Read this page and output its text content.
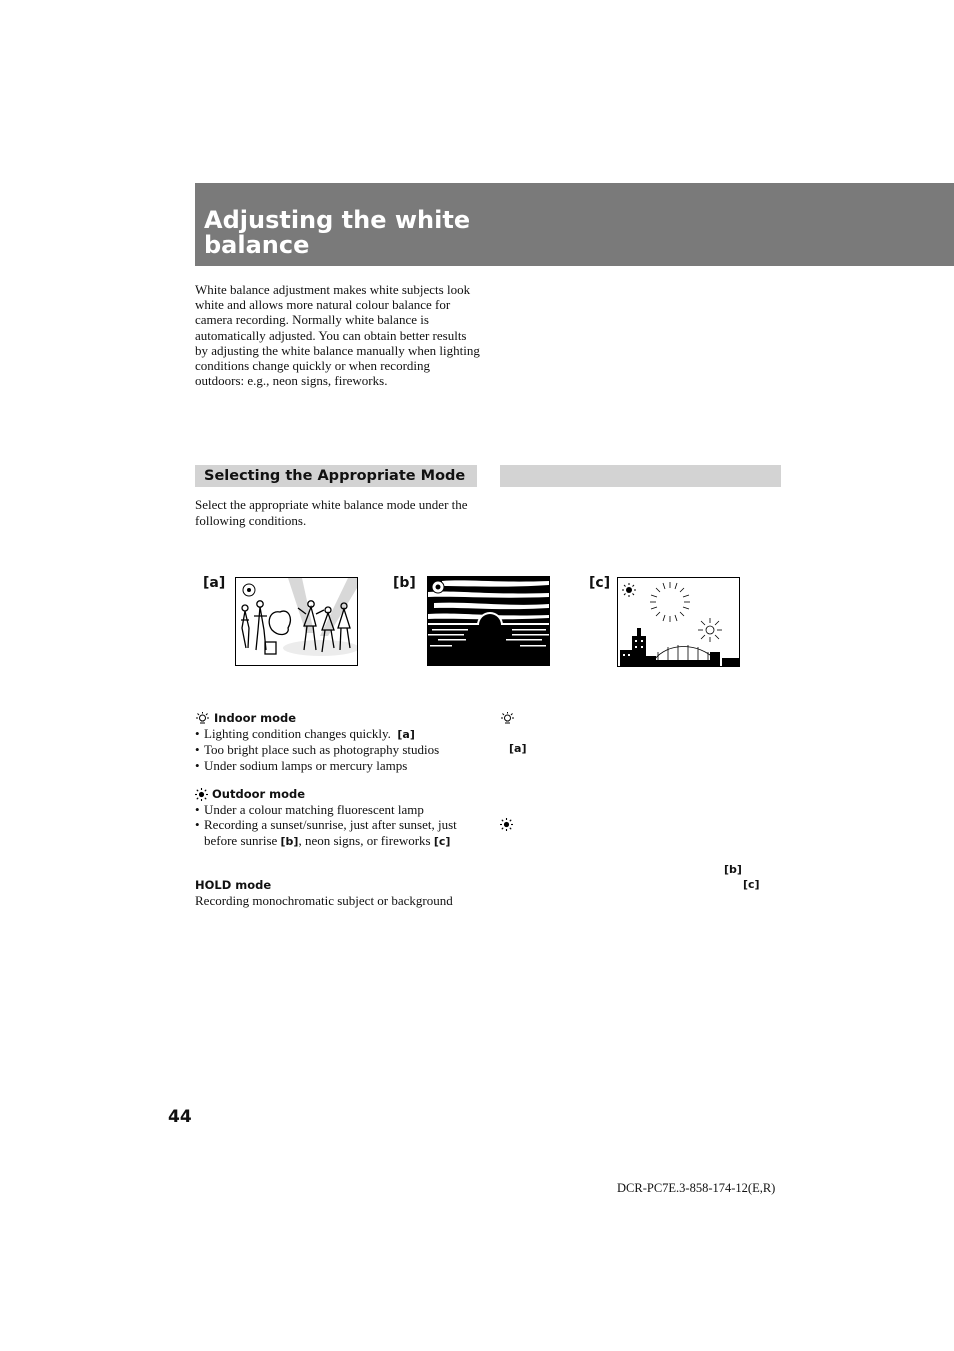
Adjusting the white balance

White balance adjustment makes white subjects look white and allows more natural colour balance for camera recording. Normally white balance is automatically adjusted. You can obtain better results by adjusting the white balance manually when lighting conditions change quickly or when recording outdoors: e.g., neon signs, fireworks.

Selecting the Appropriate Mode

Select the appropriate white balance mode under the following conditions.

[a]	[b]	[c]
Indoor mode
• Lighting condition changes quickly. [a]
• Too bright place such as photography studios
• Under sodium lamps or mercury lamps
Outdoor mode
• Under a colour matching fluorescent lamp
• Recording a sunset/sunrise, just after sunset, just before sunrise [b], neon signs, or fireworks [c]
HOLD mode
Recording monochromatic subject or background
[a]
[b]
[c]
44
DCR-PC7E.3-858-174-12(E,R)
